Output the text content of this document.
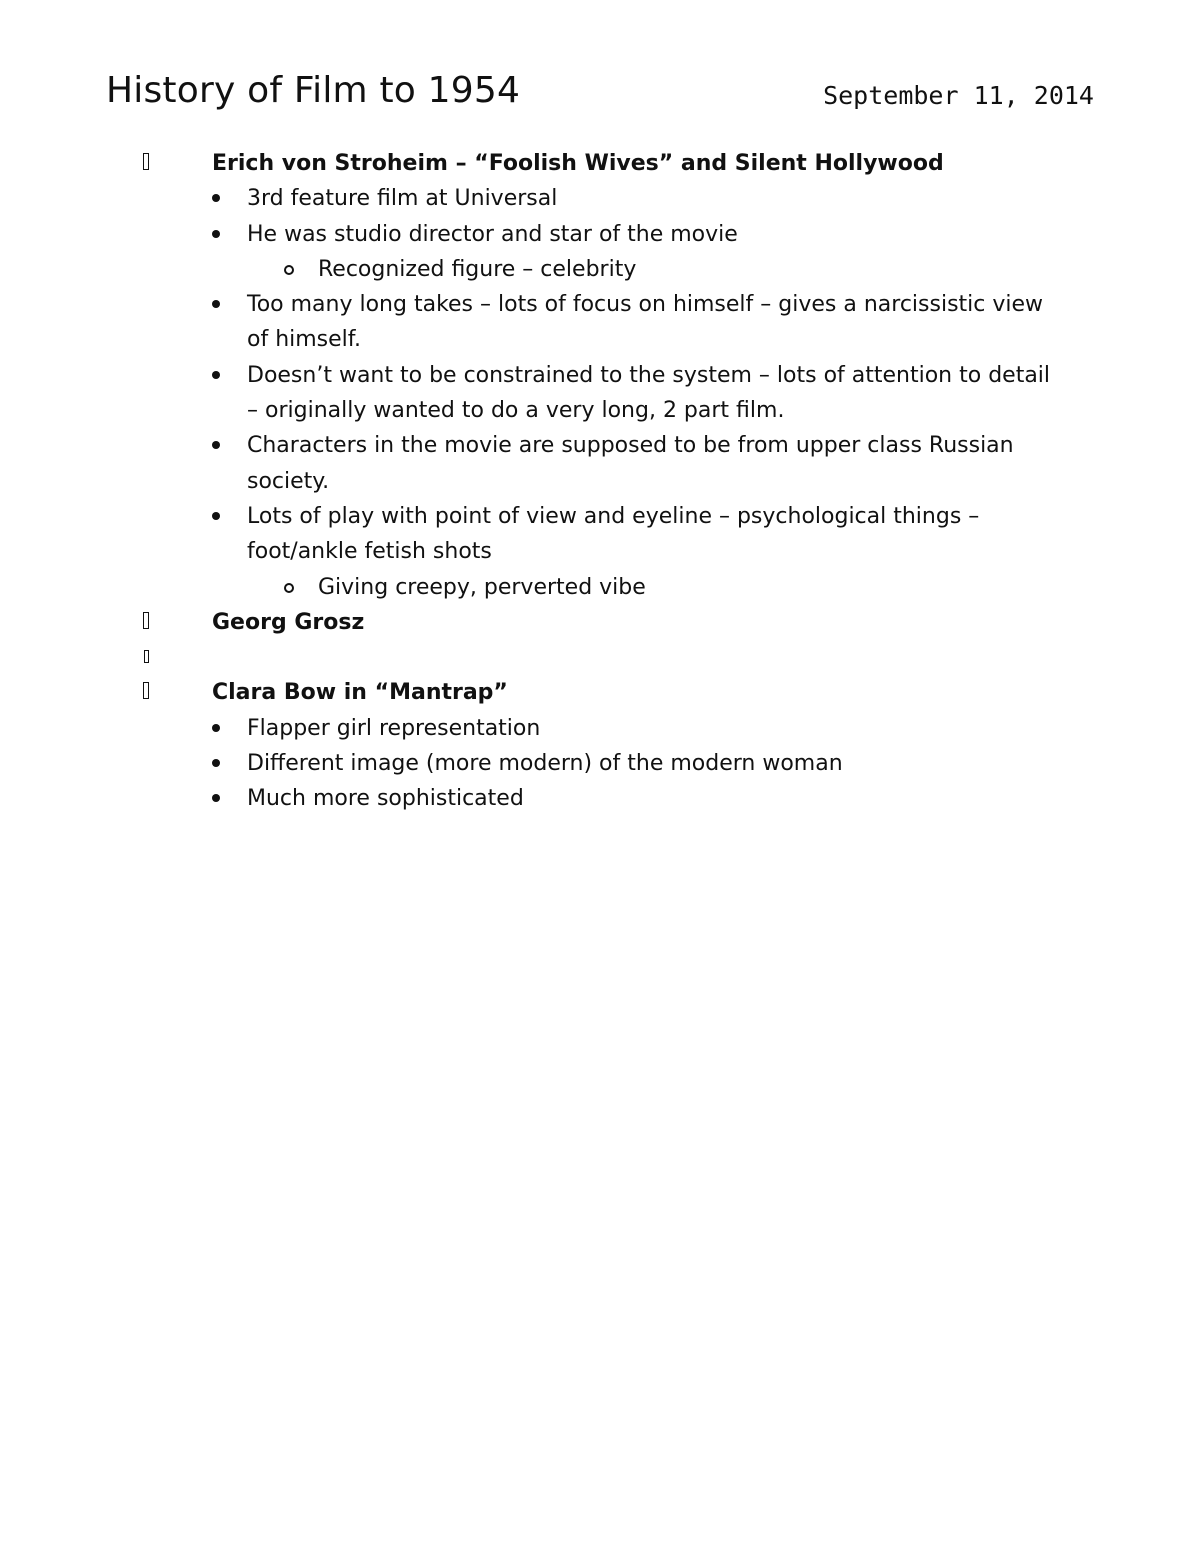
History of Film to 1954	September 11, 2014
Erich von Stroheim – “Foolish Wives” and Silent Hollywood
3rd feature film at Universal
He was studio director and star of the movie
Recognized figure – celebrity
Too many long takes – lots of focus on himself – gives a narcissistic view of himself.
Doesn’t want to be constrained to the system – lots of attention to detail – originally wanted to do a very long, 2 part film.
Characters in the movie are supposed to be from upper class Russian society.
Lots of play with point of view and eyeline – psychological things – foot/ankle fetish shots
Giving creepy, perverted vibe
Georg Grosz
Clara Bow in “Mantrap”
Flapper girl representation
Different image (more modern) of the modern woman
Much more sophisticated
